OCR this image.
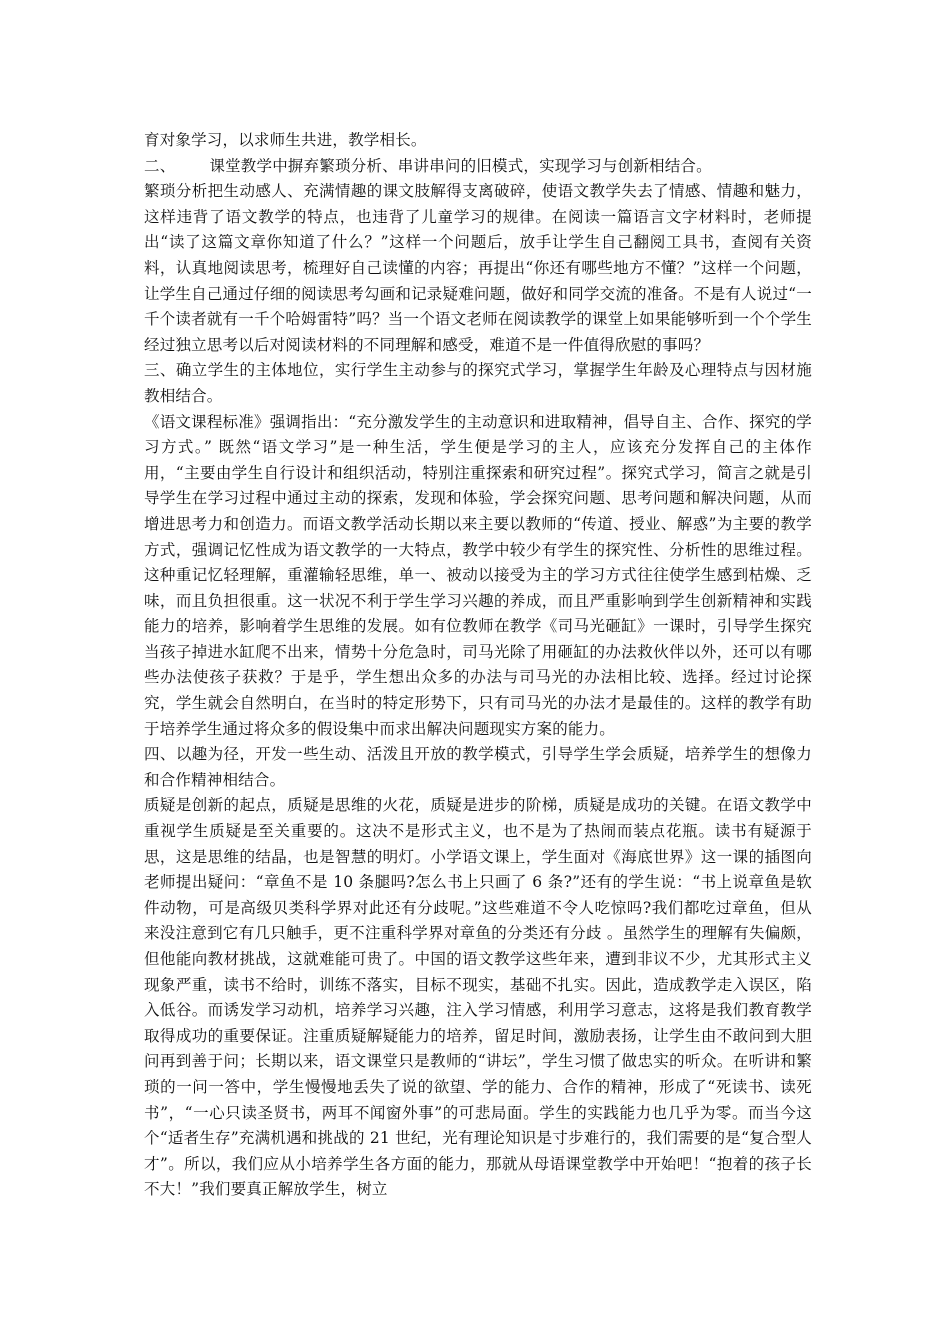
育对象学习，以求师生共进，教学相长。

二、 课堂教学中摒弃繁琐分析、串讲串问的旧模式，实现学习与创新相结合。

繁琐分析把生动感人、充满情趣的课文肢解得支离破碎，使语文教学失去了情感、情趣和魅力，这样违背了语文教学的特点，也违背了儿童学习的规律。在阅读一篇语言文字材料时，老师提出“读了这篇文章你知道了什么？”这样一个问题后，放手让学生自己翻阅工具书，查阅有关资料，认真地阅读思考，梳理好自己读懂的内容；再提出“你还有哪些地方不懂？”这样一个问题，让学生自己通过仔细的阅读思考勾画和记录疑难问题，做好和同学交流的准备。不是有人说过“一千个读者就有一千个哈姆雷特”吗？当一个语文老师在阅读教学的课堂上如果能够听到一个个学生经过独立思考以后对阅读材料的不同理解和感受，难道不是一件值得欣慰的事吗？

三、确立学生的主体地位，实行学生主动参与的探究式学习，掌握学生年龄及心理特点与因材施教相结合。

《语文课程标准》强调指出：“充分激发学生的主动意识和进取精神，倡导自主、合作、探究的学习方式。” 既然“语文学习”是一种生活，学生便是学习的主人，应该充分发挥自己的主体作用，“主要由学生自行设计和组织活动，特别注重探索和研究过程”。探究式学习，简言之就是引导学生在学习过程中通过主动的探索，发现和体验，学会探究问题、思考问题和解决问题，从而增进思考力和创造力。而语文教学活动长期以来主要以教师的“传道、授业、解惑”为主要的教学方式，强调记忆性成为语文教学的一大特点，教学中较少有学生的探究性、分析性的思维过程。这种重记忆轻理解，重灌输轻思维，单一、被动以接受为主的学习方式往往使学生感到枯燥、乏味，而且负担很重。这一状况不利于学生学习兴趣的养成，而且严重影响到学生创新精神和实践能力的培养，影响着学生思维的发展。如有位教师在教学《司马光砸缸》一课时，引导学生探究当孩子掉进水缸爬不出来，情势十分危急时，司马光除了用砸缸的办法救伙伴以外，还可以有哪些办法使孩子获救？于是乎，学生想出众多的办法与司马光的办法相比较、选择。经过讨论探究，学生就会自然明白，在当时的特定形势下，只有司马光的办法才是最佳的。这样的教学有助于培养学生通过将众多的假设集中而求出解决问题现实方案的能力。

四、以趣为径，开发一些生动、活泼且开放的教学模式，引导学生学会质疑，培养学生的想像力和合作精神相结合。

质疑是创新的起点，质疑是思维的火花，质疑是进步的阶梯，质疑是成功的关键。在语文教学中重视学生质疑是至关重要的。这决不是形式主义，也不是为了热闹而装点花瓶。读书有疑源于思，这是思维的结晶，也是智慧的明灯。小学语文课上，学生面对《海底世界》这一课的插图向老师提出疑问：“章鱼不是 10 条腿吗?怎么书上只画了 6 条?”还有的学生说：“书上说章鱼是软件动物，可是高级贝类科学界对此还有分歧呢。”这些难道不令人吃惊吗?我们都吃过章鱼，但从来没注意到它有几只触手，更不注重科学界对章鱼的分类还有分歧 。虽然学生的理解有失偏颇，但他能向教材挑战，这就难能可贵了。中国的语文教学这些年来，遭到非议不少，尤其形式主义现象严重，读书不给时，训练不落实，目标不现实，基础不扎实。因此，造成教学走入误区，陷入低谷。而诱发学习动机，培养学习兴趣，注入学习情感，利用学习意志，这将是我们教育教学取得成功的重要保证。注重质疑解疑能力的培养，留足时间，激励表扬，让学生由不敢问到大胆问再到善于问；长期以来，语文课堂只是教师的“讲坛”，学生习惯了做忠实的听众。在听讲和繁琐的一问一答中，学生慢慢地丢失了说的欲望、学的能力、合作的精神，形成了“死读书、读死书”，“一心只读圣贤书，两耳不闻窗外事”的可悲局面。学生的实践能力也几乎为零。而当今这个“适者生存”充满机遇和挑战的 21 世纪，光有理论知识是寸步难行的，我们需要的是“复合型人才”。所以，我们应从小培养学生各方面的能力，那就从母语课堂教学中开始吧！“抱着的孩子长不大！”我们要真正解放学生，树立
